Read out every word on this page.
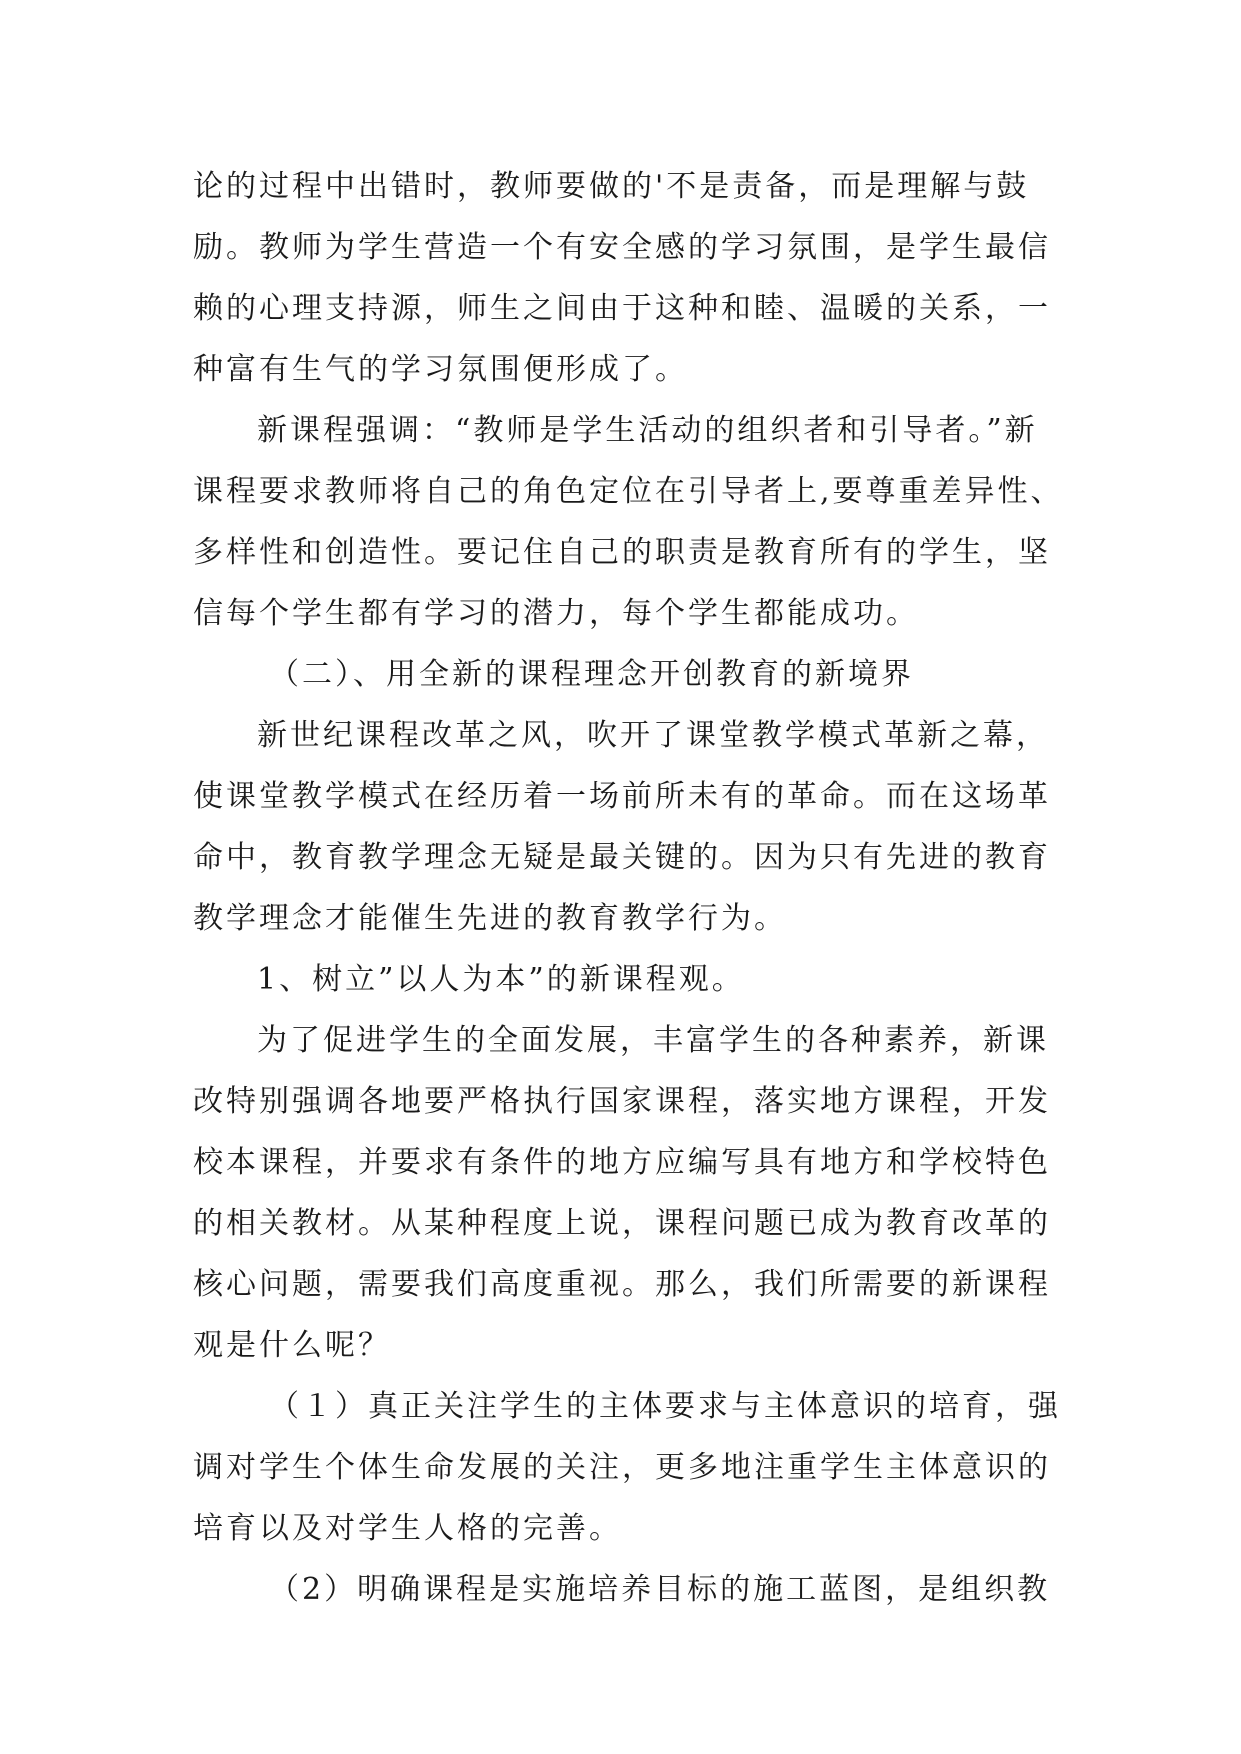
论的过程中出错时，教师要做的'不是责备，而是理解与鼓
励。教师为学生营造一个有安全感的学习氛围，是学生最信
赖的心理支持源，师生之间由于这种和睦、温暖的关系，一
种富有生气的学习氛围便形成了。
新课程强调：“教师是学生活动的组织者和引导者。”新
课程要求教师将自己的角色定位在引导者上,要尊重差异性、
多样性和创造性。要记住自己的职责是教育所有的学生，坚
信每个学生都有学习的潜力，每个学生都能成功。
（二）、用全新的课程理念开创教育的新境界
新世纪课程改革之风，吹开了课堂教学模式革新之幕，
使课堂教学模式在经历着一场前所未有的革命。而在这场革
命中，教育教学理念无疑是最关键的。因为只有先进的教育
教学理念才能催生先进的教育教学行为。
1、树立”以人为本”的新课程观。
为了促进学生的全面发展，丰富学生的各种素养，新课
改特别强调各地要严格执行国家课程，落实地方课程，开发
校本课程，并要求有条件的地方应编写具有地方和学校特色
的相关教材。从某种程度上说，课程问题已成为教育改革的
核心问题，需要我们高度重视。那么，我们所需要的新课程
观是什么呢？
（１）真正关注学生的主体要求与主体意识的培育，强
调对学生个体生命发展的关注，更多地注重学生主体意识的
培育以及对学生人格的完善。
（2）明确课程是实施培养目标的施工蓝图，是组织教
